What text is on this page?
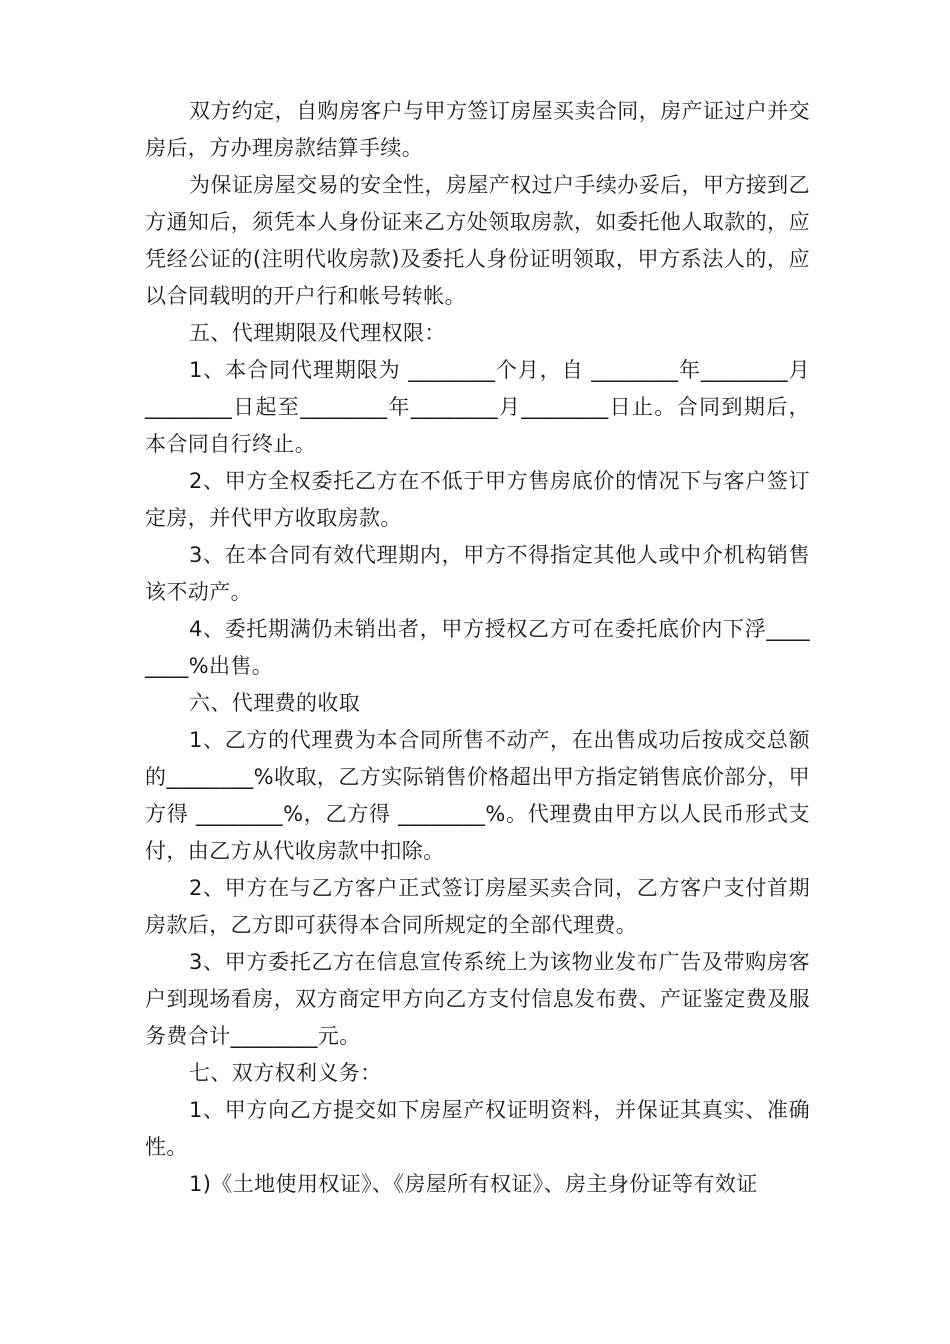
双方约定，自购房客户与甲方签订房屋买卖合同，房产证过户并交房后，方办理房款结算手续。

为保证房屋交易的安全性，房屋产权过户手续办妥后，甲方接到乙方通知后，须凭本人身份证来乙方处领取房款，如委托他人取款的，应凭经公证的(注明代收房款)及委托人身份证明领取，甲方系法人的，应以合同载明的开户行和帐号转帐。

五、代理期限及代理权限：

1、本合同代理期限为 ________个月，自 ________年________月________日起至________年________月________日止。合同到期后，本合同自行终止。

2、甲方全权委托乙方在不低于甲方售房底价的情况下与客户签订定房，并代甲方收取房款。

3、在本合同有效代理期内，甲方不得指定其他人或中介机构销售该不动产。

4、委托期满仍未销出者，甲方授权乙方可在委托底价内下浮________%出售。

六、代理费的收取

1、乙方的代理费为本合同所售不动产，在出售成功后按成交总额的________%收取，乙方实际销售价格超出甲方指定销售底价部分，甲方得 ________%，乙方得 ________%。代理费由甲方以人民币形式支付，由乙方从代收房款中扣除。

2、甲方在与乙方客户正式签订房屋买卖合同，乙方客户支付首期房款后，乙方即可获得本合同所规定的全部代理费。

3、甲方委托乙方在信息宣传系统上为该物业发布广告及带购房客户到现场看房，双方商定甲方向乙方支付信息发布费、产证鉴定费及服务费合计________元。

七、双方权利义务：

1、甲方向乙方提交如下房屋产权证明资料，并保证其真实、准确性。

1)《土地使用权证》、《房屋所有权证》、房主身份证等有效证
